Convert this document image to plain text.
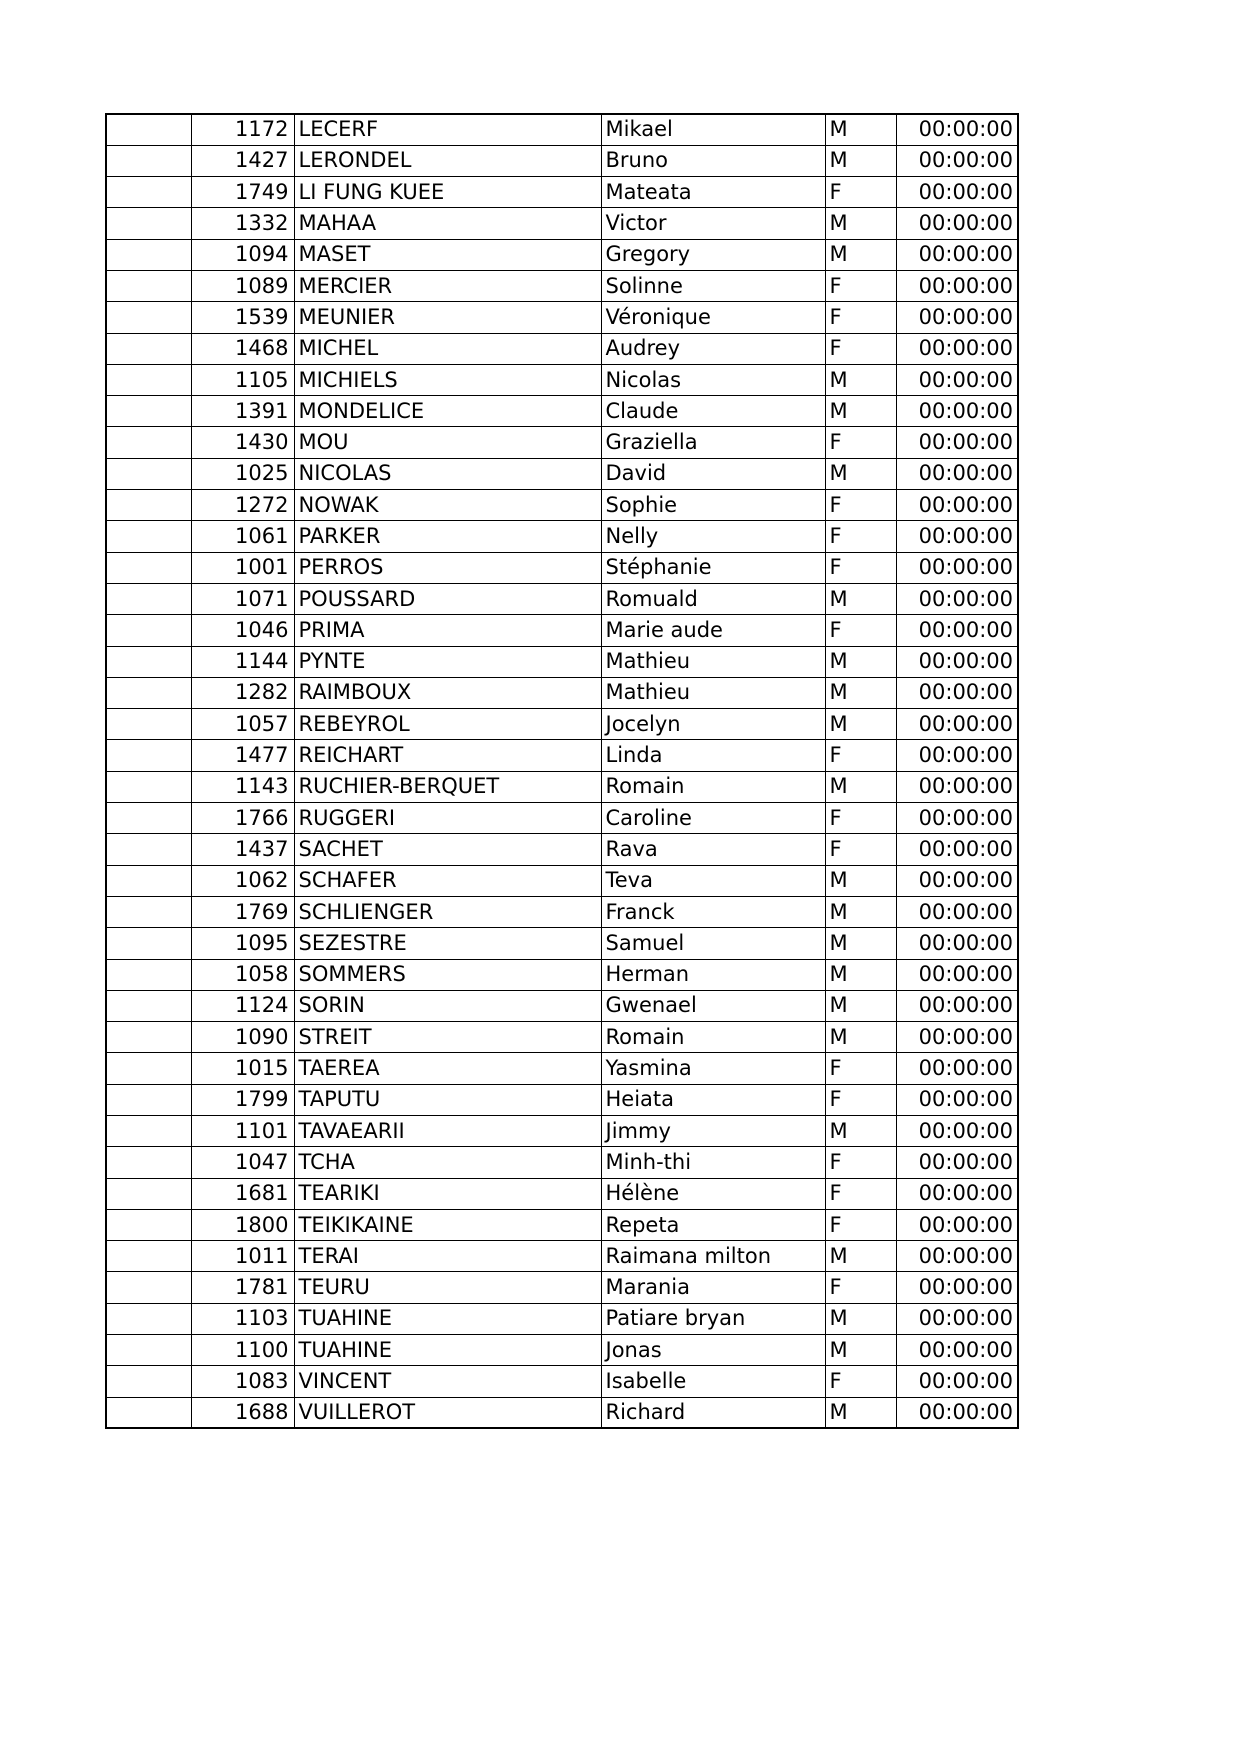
	1172	LECERF	Mikael	M	00:00:00
	1427	LERONDEL	Bruno	M	00:00:00
	1749	LI FUNG KUEE	Mateata	F	00:00:00
	1332	MAHAA	Victor	M	00:00:00
	1094	MASET	Gregory	M	00:00:00
	1089	MERCIER	Solinne	F	00:00:00
	1539	MEUNIER	Véronique	F	00:00:00
	1468	MICHEL	Audrey	F	00:00:00
	1105	MICHIELS	Nicolas	M	00:00:00
	1391	MONDELICE	Claude	M	00:00:00
	1430	MOU	Graziella	F	00:00:00
	1025	NICOLAS	David	M	00:00:00
	1272	NOWAK	Sophie	F	00:00:00
	1061	PARKER	Nelly	F	00:00:00
	1001	PERROS	Stéphanie	F	00:00:00
	1071	POUSSARD	Romuald	M	00:00:00
	1046	PRIMA	Marie aude	F	00:00:00
	1144	PYNTE	Mathieu	M	00:00:00
	1282	RAIMBOUX	Mathieu	M	00:00:00
	1057	REBEYROL	Jocelyn	M	00:00:00
	1477	REICHART	Linda	F	00:00:00
	1143	RUCHIER-BERQUET	Romain	M	00:00:00
	1766	RUGGERI	Caroline	F	00:00:00
	1437	SACHET	Rava	F	00:00:00
	1062	SCHAFER	Teva	M	00:00:00
	1769	SCHLIENGER	Franck	M	00:00:00
	1095	SEZESTRE	Samuel	M	00:00:00
	1058	SOMMERS	Herman	M	00:00:00
	1124	SORIN	Gwenael	M	00:00:00
	1090	STREIT	Romain	M	00:00:00
	1015	TAEREA	Yasmina	F	00:00:00
	1799	TAPUTU	Heiata	F	00:00:00
	1101	TAVAEARII	Jimmy	M	00:00:00
	1047	TCHA	Minh-thi	F	00:00:00
	1681	TEARIKI	Hélène	F	00:00:00
	1800	TEIKIKAINE	Repeta	F	00:00:00
	1011	TERAI	Raimana milton	M	00:00:00
	1781	TEURU	Marania	F	00:00:00
	1103	TUAHINE	Patiare bryan	M	00:00:00
	1100	TUAHINE	Jonas	M	00:00:00
	1083	VINCENT	Isabelle	F	00:00:00
	1688	VUILLEROT	Richard	M	00:00:00
